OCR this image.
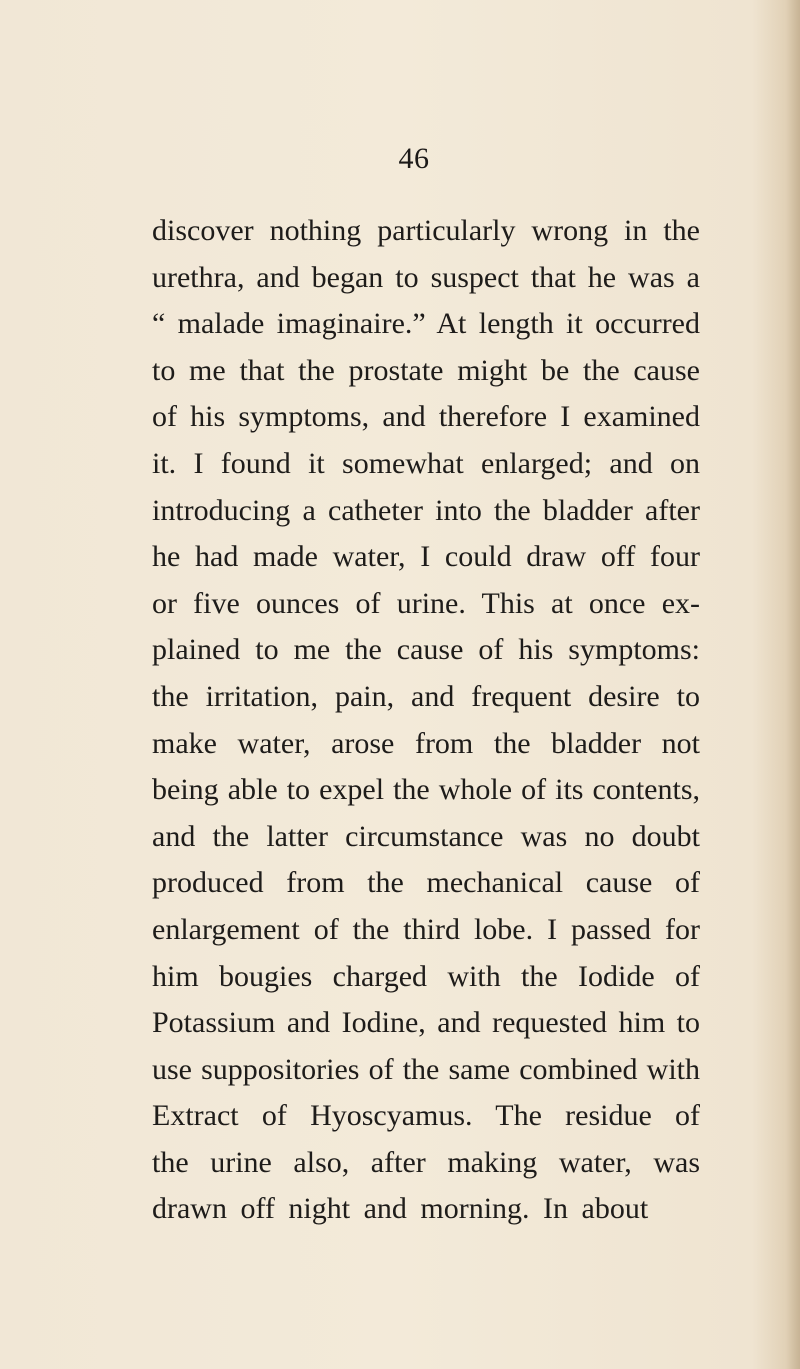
46
discover nothing particularly wrong in the
urethra, and began to suspect that he was a
“ malade imaginaire.” At length it occurred
to me that the prostate might be the cause
of his symptoms, and therefore I examined
it. I found it somewhat enlarged; and on
introducing a catheter into the bladder after
he had made water, I could draw off four
or five ounces of urine. This at once ex-
plained to me the cause of his symptoms:
the irritation, pain, and frequent desire to
make water, arose from the bladder not
being able to expel the whole of its contents,
and the latter circumstance was no doubt
produced from the mechanical cause of
enlargement of the third lobe. I passed for
him bougies charged with the Iodide of
Potassium and Iodine, and requested him to
use suppositories of the same combined with
Extract of Hyoscyamus. The residue of
the urine also, after making water, was
drawn off night and morning. In about
